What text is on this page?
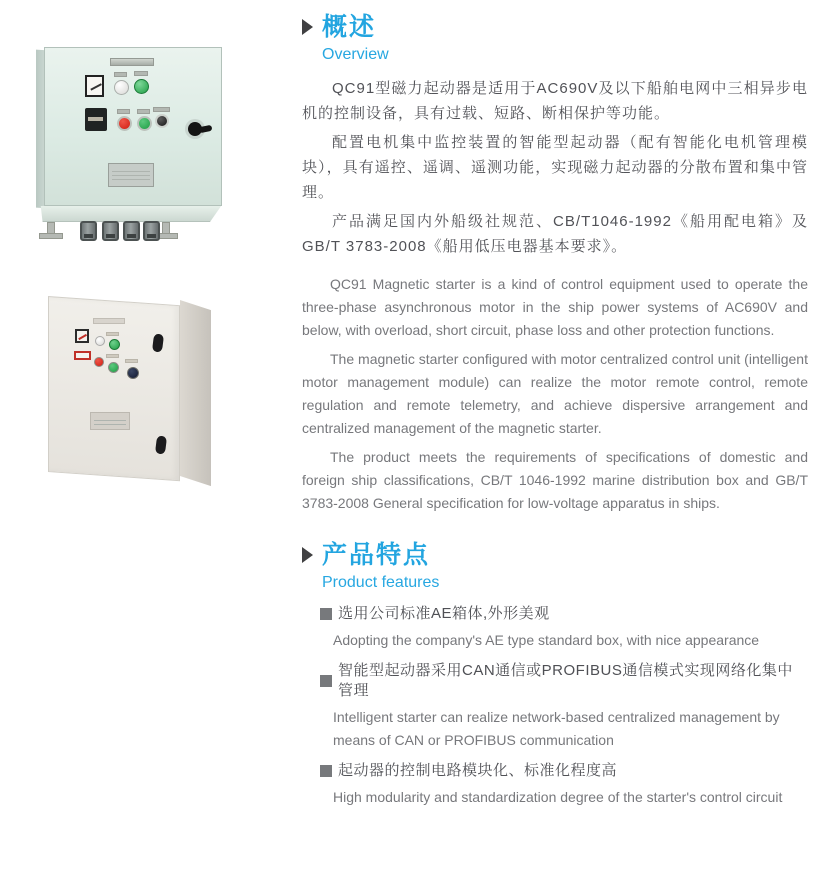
概述
Overview

QC91型磁力起动器是适用于AC690V及以下船舶电网中三相异步电机的控制设备，具有过载、短路、断相保护等功能。

配置电机集中监控装置的智能型起动器（配有智能化电机管理模块），具有遥控、遥调、遥测功能，实现磁力起动器的分散布置和集中管理。

产品满足国内外船级社规范、CB/T1046-1992《船用配电箱》及GB/T 3783-2008《船用低压电器基本要求》。

QC91 Magnetic starter is a kind of control equipment used to operate the three-phase asynchronous motor in the ship power systems of AC690V and below, with overload, short circuit, phase loss and other protection functions.

The magnetic starter configured with motor centralized control unit (intelligent motor management module) can realize the motor remote control, remote regulation and remote telemetry, and achieve dispersive arrangement and centralized management of the magnetic starter.

The product meets the requirements of specifications of domestic and foreign ship classifications, CB/T 1046-1992 marine distribution box and GB/T 3783-2008 General specification for low-voltage apparatus in ships.

产品特点
Product features
选用公司标准AE箱体,外形美观

Adopting the company's AE type standard box, with nice appearance

智能型起动器采用CAN通信或PROFIBUS通信模式实现网络化集中管理

Intelligent starter can realize network-based centralized management by means of CAN or PROFIBUS communication

起动器的控制电路模块化、标准化程度高

High modularity and standardization degree of the starter's control circuit
